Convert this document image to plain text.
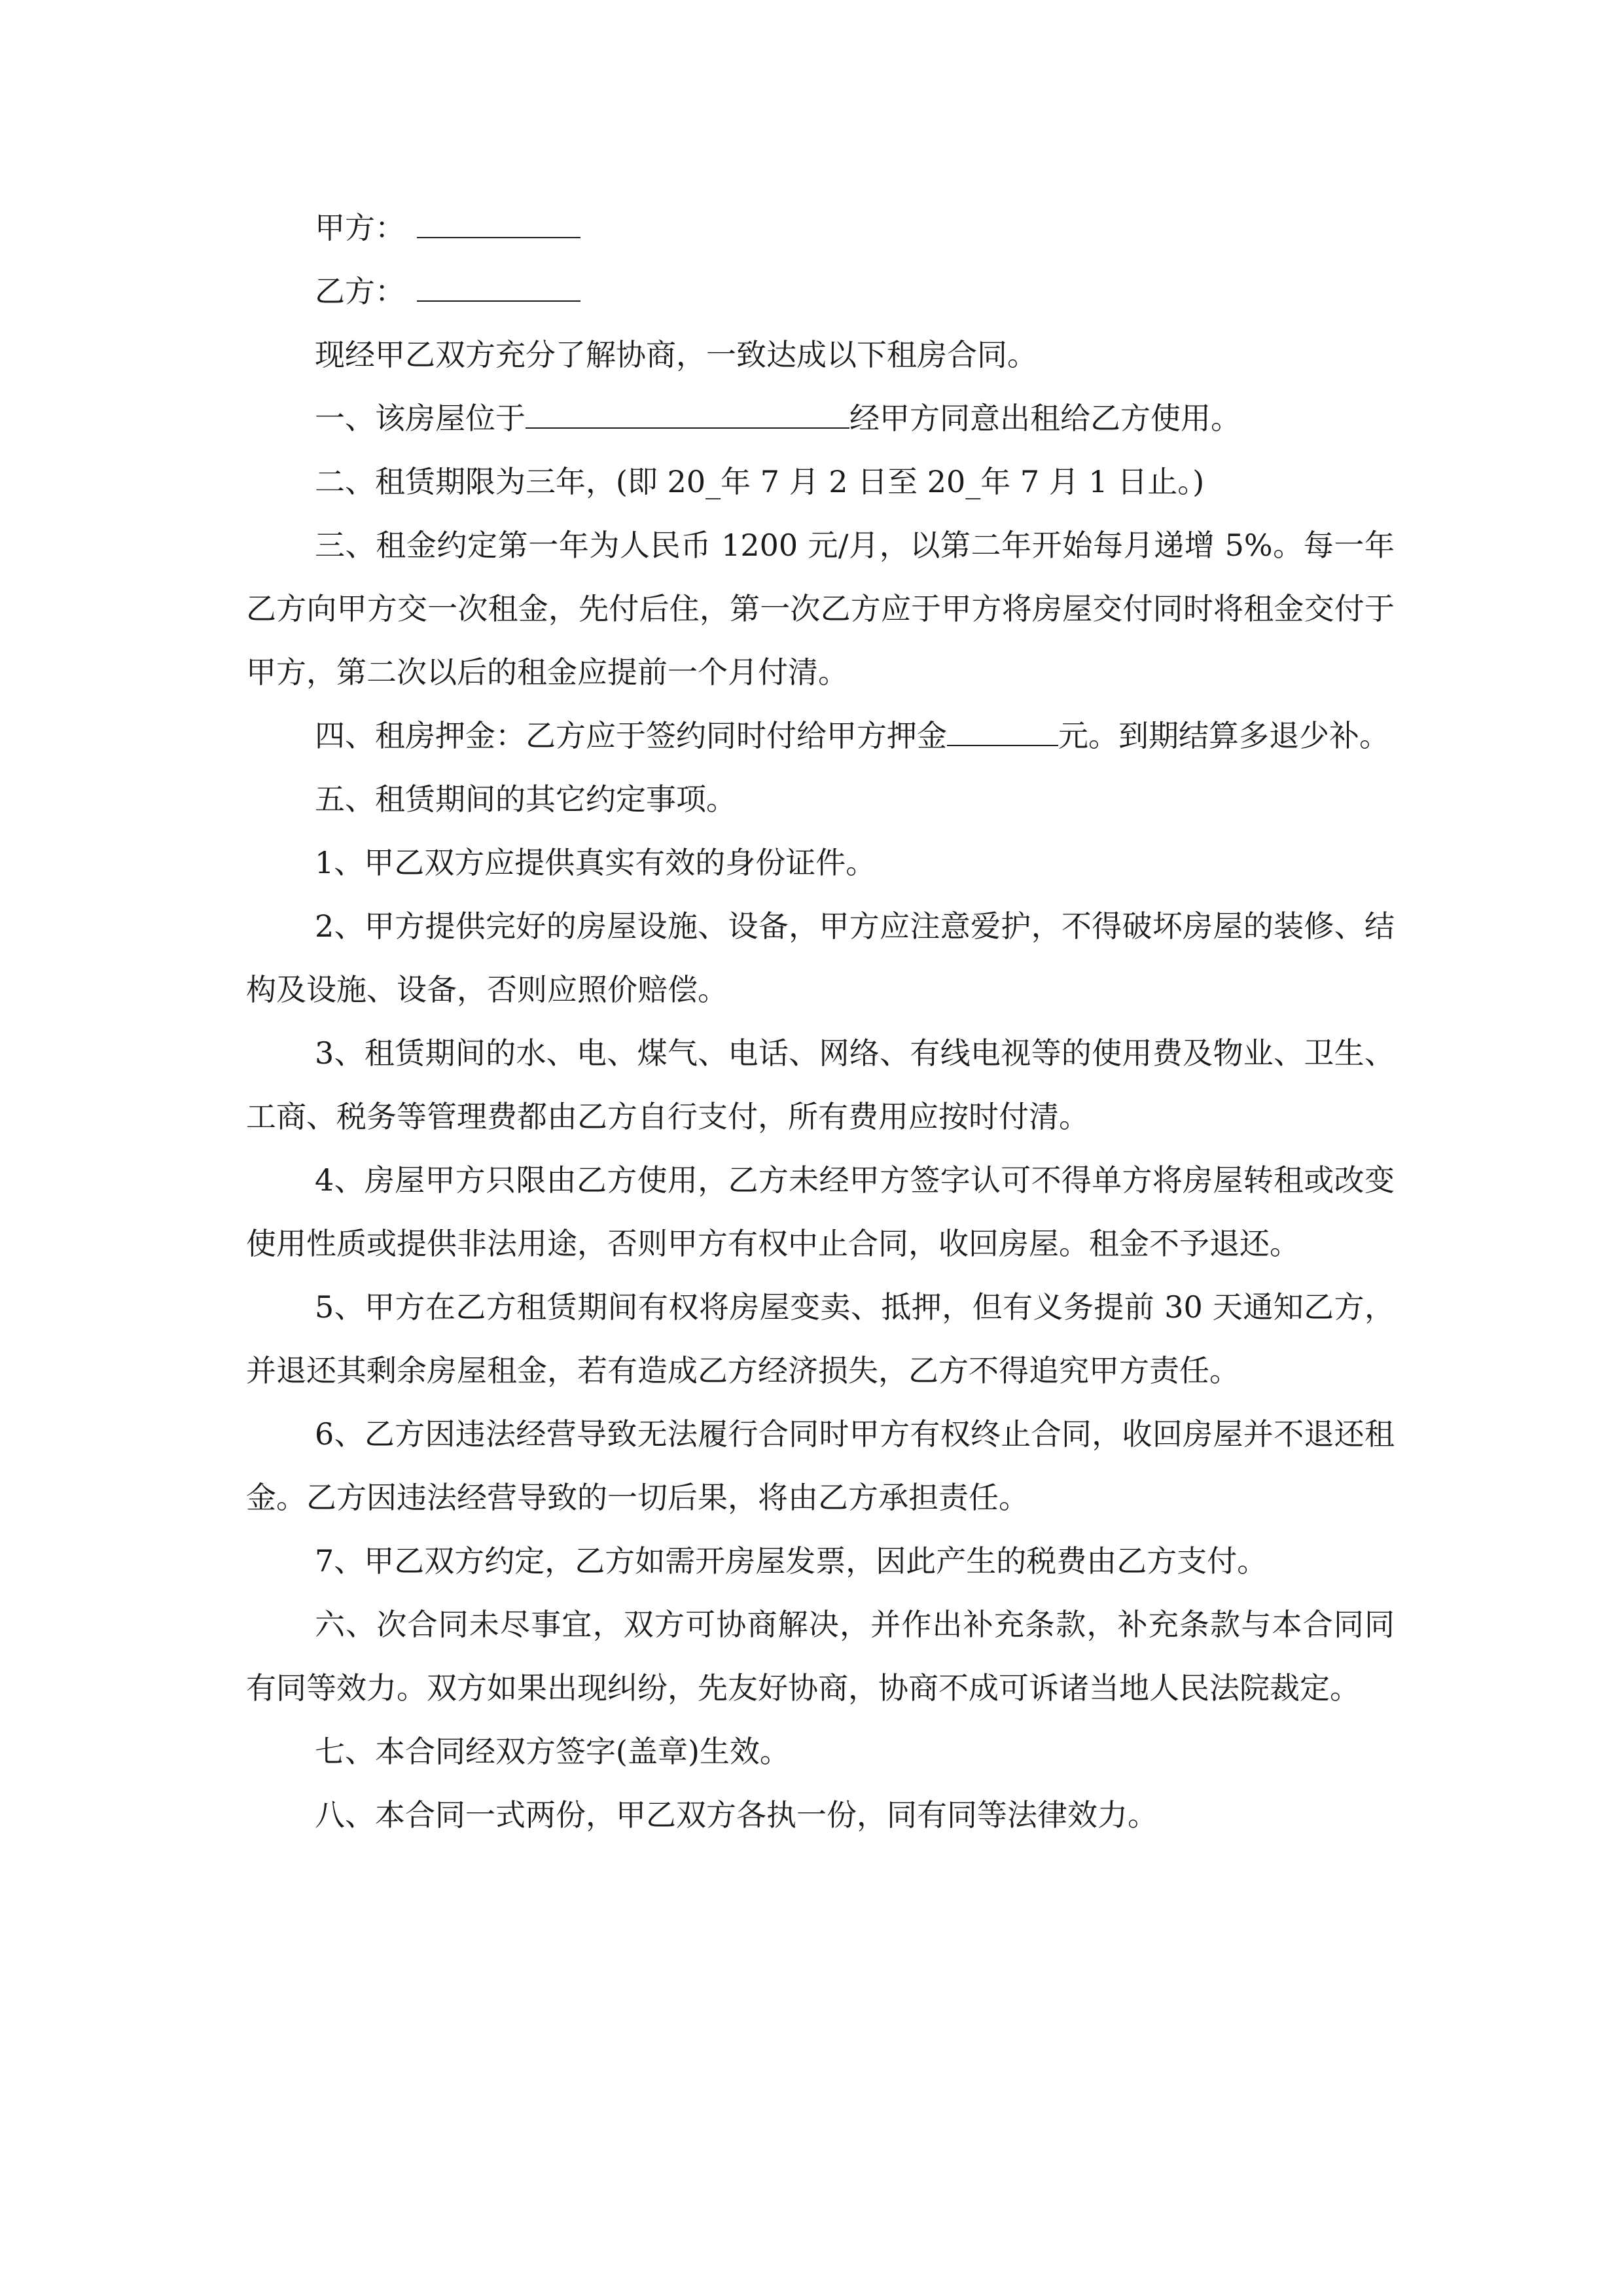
甲方：

乙方：

现经甲乙双方充分了解协商，一致达成以下租房合同。

一、该房屋位于	经甲方同意出租给乙方使用。

二、租赁期限为三年，(即 20_年 7 月 2 日至 20_年 7 月 1 日止。)

三、租金约定第一年为人民币 1200 元/月，以第二年开始每月递增 5%。每一年乙方向甲方交一次租金，先付后住，第一次乙方应于甲方将房屋交付同时将租金交付于甲方，第二次以后的租金应提前一个月付清。

四、租房押金：乙方应于签约同时付给甲方押金	元。到期结算多退少补。

五、租赁期间的其它约定事项。

1、甲乙双方应提供真实有效的身份证件。

2、甲方提供完好的房屋设施、设备，甲方应注意爱护，不得破坏房屋的装修、结构及设施、设备，否则应照价赔偿。

3、租赁期间的水、电、煤气、电话、网络、有线电视等的使用费及物业、卫生、工商、税务等管理费都由乙方自行支付，所有费用应按时付清。

4、房屋甲方只限由乙方使用，乙方未经甲方签字认可不得单方将房屋转租或改变使用性质或提供非法用途，否则甲方有权中止合同，收回房屋。租金不予退还。

5、甲方在乙方租赁期间有权将房屋变卖、抵押，但有义务提前 30 天通知乙方，并退还其剩余房屋租金，若有造成乙方经济损失，乙方不得追究甲方责任。

6、乙方因违法经营导致无法履行合同时甲方有权终止合同，收回房屋并不退还租金。乙方因违法经营导致的一切后果，将由乙方承担责任。

7、甲乙双方约定，乙方如需开房屋发票，因此产生的税费由乙方支付。

六、次合同未尽事宜，双方可协商解决，并作出补充条款，补充条款与本合同同有同等效力。双方如果出现纠纷，先友好协商，协商不成可诉诸当地人民法院裁定。

七、本合同经双方签字(盖章)生效。

八、本合同一式两份，甲乙双方各执一份，同有同等法律效力。
